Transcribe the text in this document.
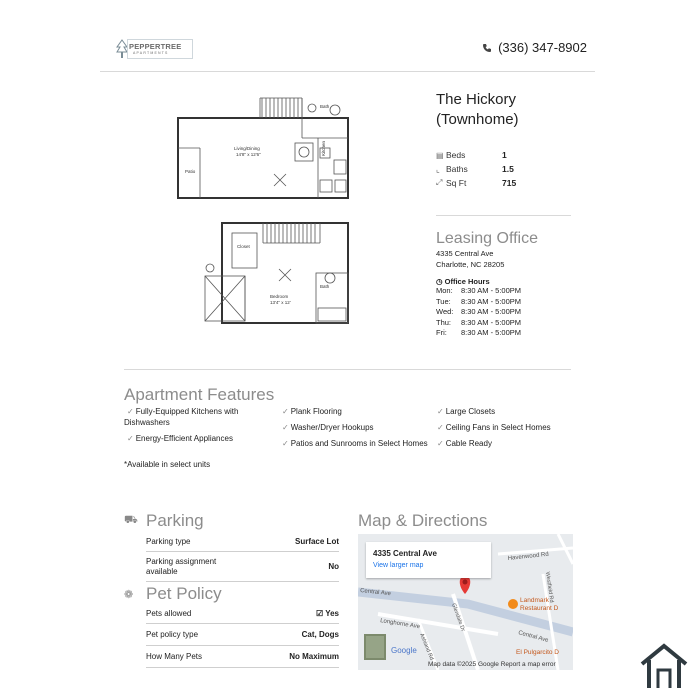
PEPPERTREE
APARTMENTS	(336) 347-8902
Living/Dining
14'8" x 12'6"	Kitchen
Bath
Patio
Closet
Bedroom
13'4" x 12'
Bath
The Hickory
(Townhome)
▤ Beds	1
⌞ Baths	1.5
⤢ Sq Ft	715
Leasing Office
4335 Central Ave
Charlotte, NC 28205
◷ Office Hours
Mon:	8:30 AM - 5:00PM
Tue:	8:30 AM - 5:00PM
Wed:	8:30 AM - 5:00PM
Thu:	8:30 AM - 5:00PM
Fri:	8:30 AM - 5:00PM
Apartment Features
✓ Fully-Equipped Kitchens with Dishwashers
✓ Energy-Efficient Appliances
✓ Plank Flooring
✓ Washer/Dryer Hookups
✓ Patios and Sunrooms in Select Homes
✓ Large Closets
✓ Ceiling Fans in Select Homes
✓ Cable Ready
*Available in select units
⛟ Parking
Parking type	Surface Lot
Parking assignment available	No
❁ Pet Policy
Pets allowed	☑ Yes
Pet policy type	Cat, Dogs
How Many Pets	No Maximum
Map & Directions
Havenwood Rd
Central Ave
Longhorne Ave	Glendale Dr
Central Ave
Ashland Rd
Westfield Rd
Landmark
Restaurant D
El Pulgarcito D
Google
4335 Central Ave
View larger map
Map data ©2025 Google Report a map error
